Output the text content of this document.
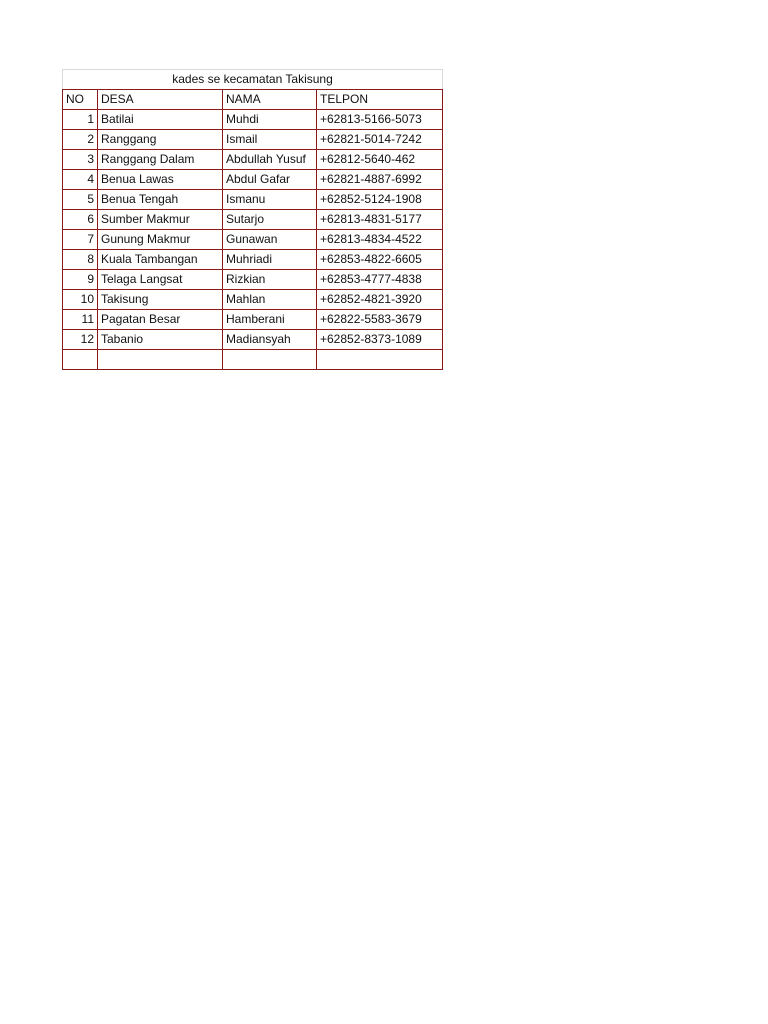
kades se kecamatan Takisung			
NO	DESA	NAMA	TELPON
1	Batilai	Muhdi	+62813-5166-5073
2	Ranggang	Ismail	+62821-5014-7242
3	Ranggang Dalam	Abdullah Yusuf	+62812-5640-462
4	Benua Lawas	Abdul Gafar	+62821-4887-6992
5	Benua Tengah	Ismanu	+62852-5124-1908
6	Sumber Makmur	Sutarjo	+62813-4831-5177
7	Gunung Makmur	Gunawan	+62813-4834-4522
8	Kuala Tambangan	Muhriadi	+62853-4822-6605
9	Telaga Langsat	Rizkian	+62853-4777-4838
10	Takisung	Mahlan	+62852-4821-3920
11	Pagatan Besar	Hamberani	+62822-5583-3679
12	Tabanio	Madiansyah	+62852-8373-1089
